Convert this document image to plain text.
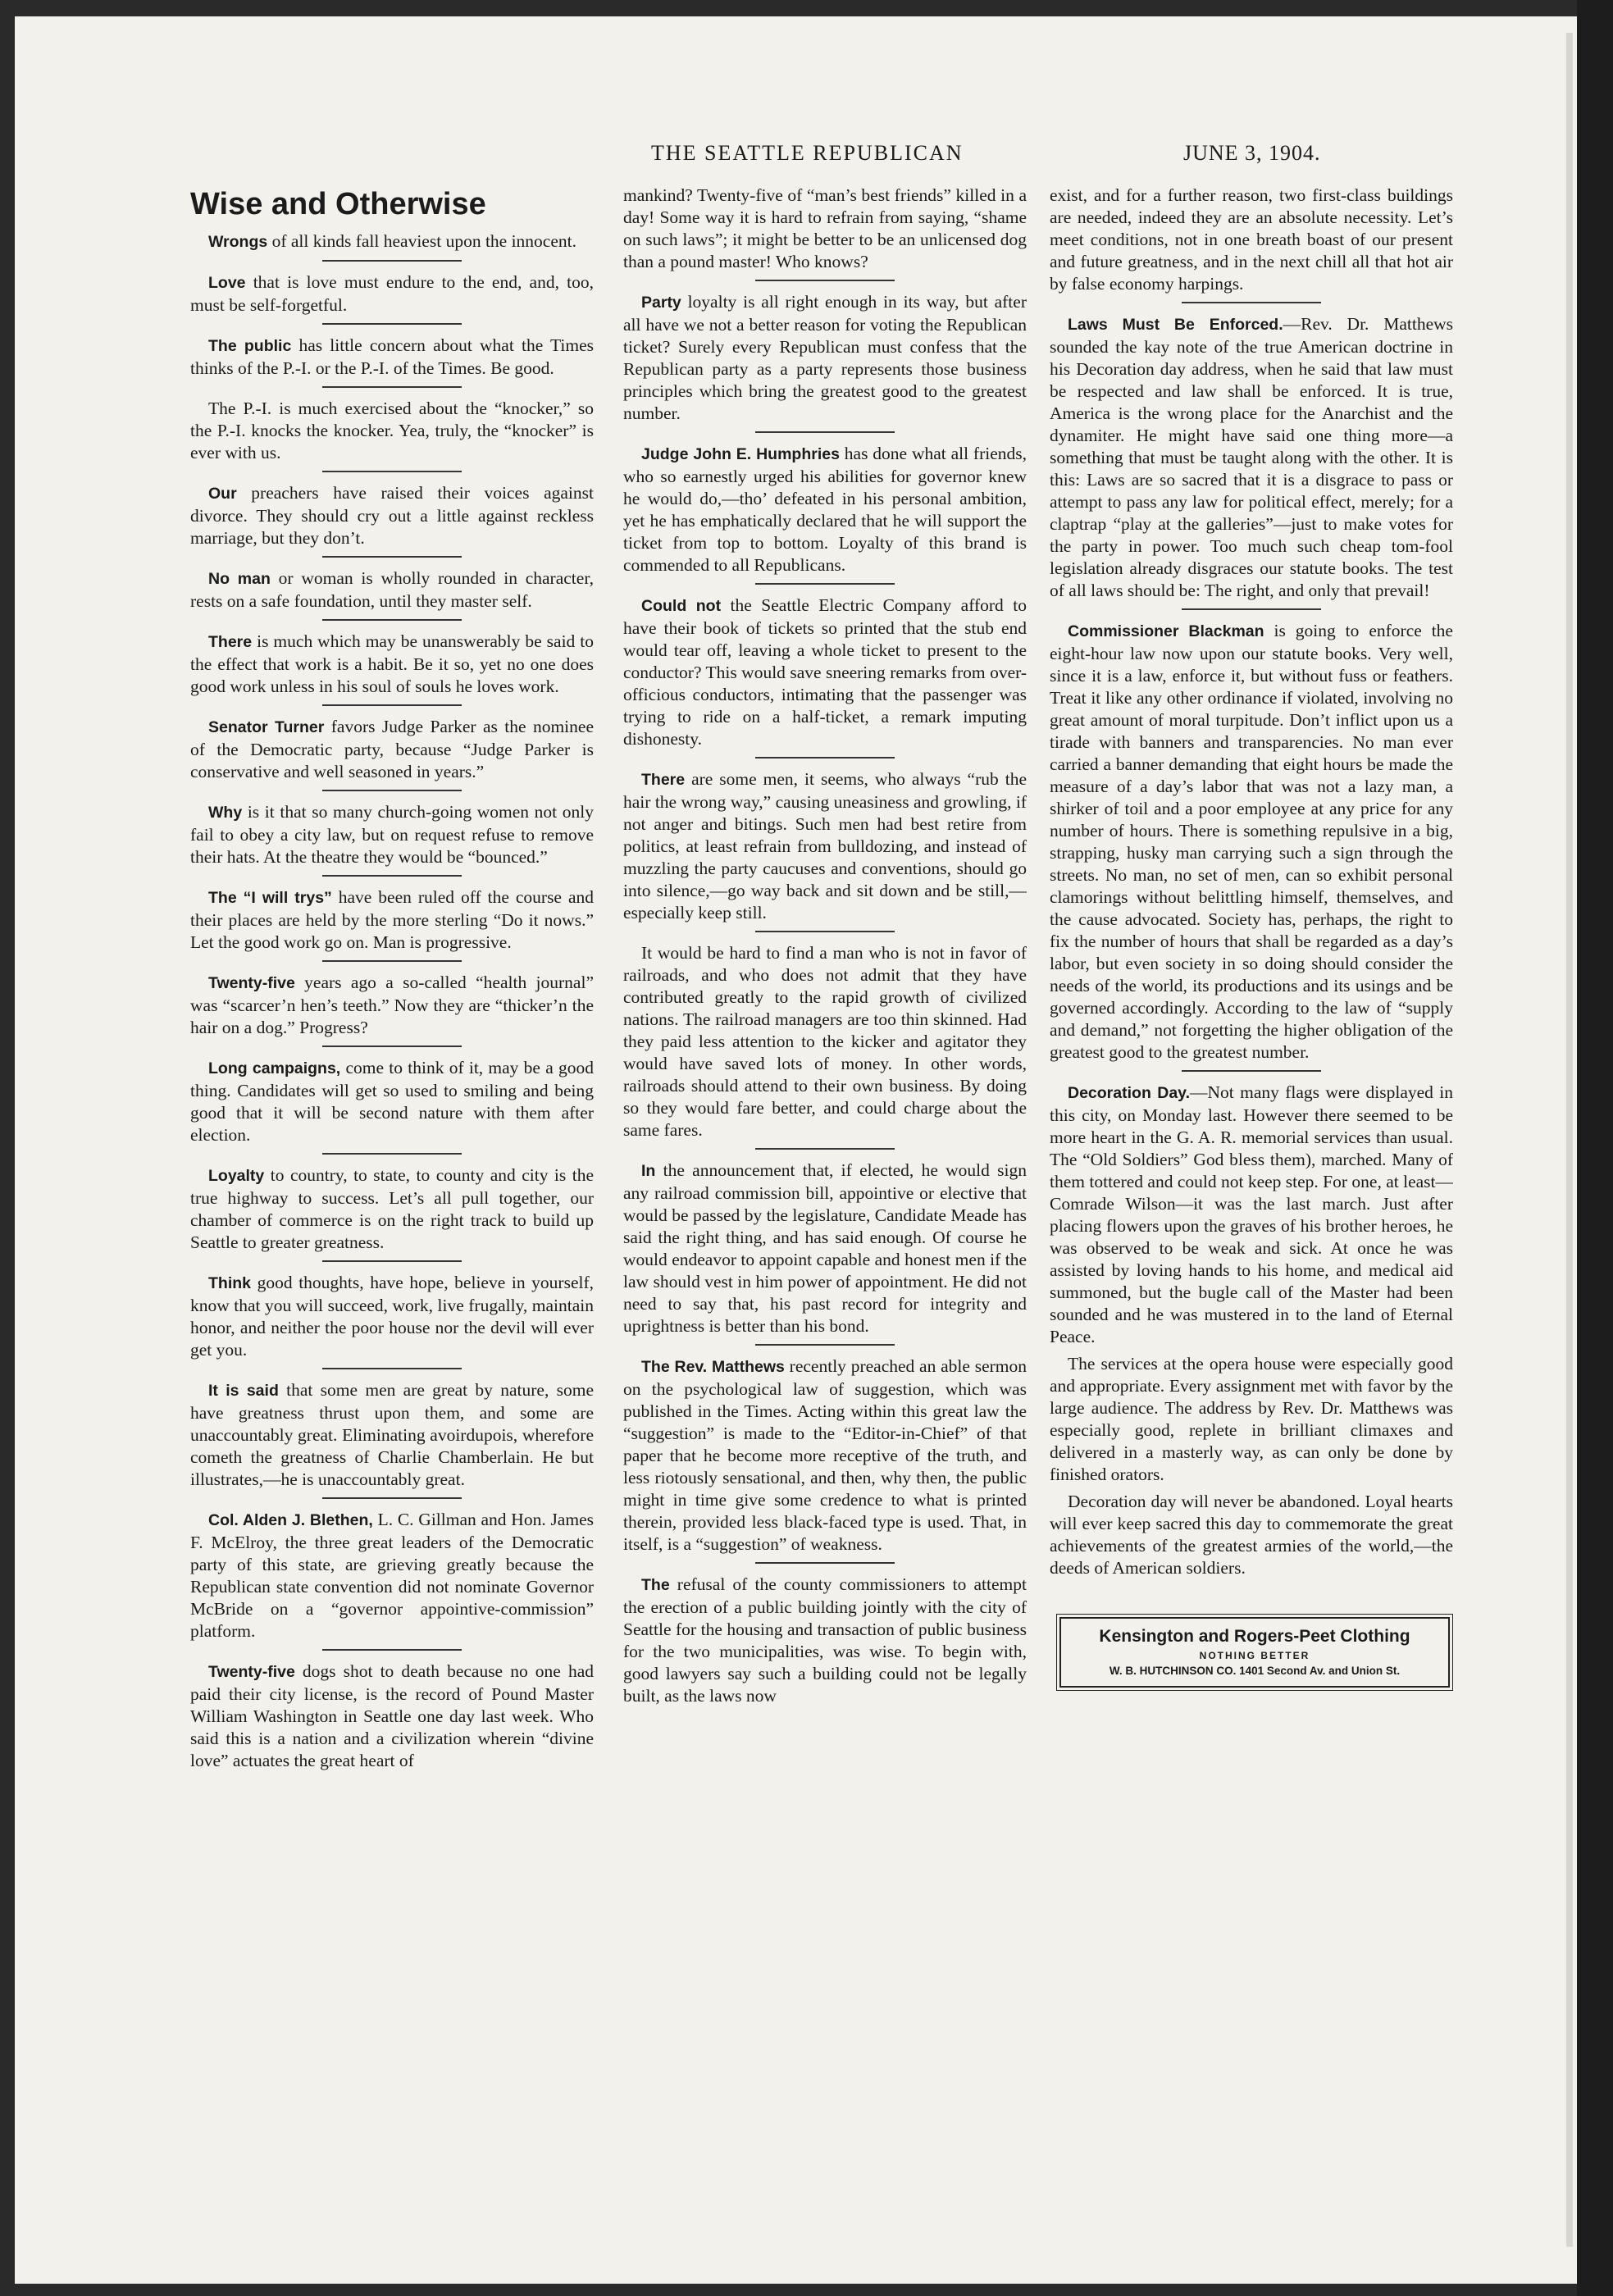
THE SEATTLE REPUBLICAN	JUNE 3, 1904.
Wise and Otherwise

Wrongs of all kinds fall heaviest upon the innocent.

Love that is love must endure to the end, and, too, must be self-forgetful.

The public has little concern about what the Times thinks of the P.-I. or the P.-I. of the Times. Be good.

The P.-I. is much exercised about the “knocker,” so the P.-I. knocks the knocker. Yea, truly, the “knocker” is ever with us.

Our preachers have raised their voices against divorce. They should cry out a little against reckless marriage, but they don’t.

No man or woman is wholly rounded in character, rests on a safe foundation, until they master self.

There is much which may be unanswerably be said to the effect that work is a habit. Be it so, yet no one does good work unless in his soul of souls he loves work.

Senator Turner favors Judge Parker as the nominee of the Democratic party, because “Judge Parker is conservative and well seasoned in years.”

Why is it that so many church-going women not only fail to obey a city law, but on request refuse to remove their hats. At the theatre they would be “bounced.”

The “I will trys” have been ruled off the course and their places are held by the more sterling “Do it nows.” Let the good work go on. Man is progressive.

Twenty-five years ago a so-called “health journal” was “scarcer’n hen’s teeth.” Now they are “thicker’n the hair on a dog.” Progress?

Long campaigns, come to think of it, may be a good thing. Candidates will get so used to smiling and being good that it will be second nature with them after election.

Loyalty to country, to state, to county and city is the true highway to success. Let’s all pull together, our chamber of commerce is on the right track to build up Seattle to greater greatness.

Think good thoughts, have hope, believe in yourself, know that you will succeed, work, live frugally, maintain honor, and neither the poor house nor the devil will ever get you.

It is said that some men are great by nature, some have greatness thrust upon them, and some are unaccountably great. Eliminating avoirdupois, wherefore cometh the greatness of Charlie Chamberlain. He but illustrates,—he is unaccountably great.

Col. Alden J. Blethen, L. C. Gillman and Hon. James F. McElroy, the three great leaders of the Democratic party of this state, are grieving greatly because the Republican state convention did not nominate Governor McBride on a “governor appointive-commission” platform.

Twenty-five dogs shot to death because no one had paid their city license, is the record of Pound Master William Washington in Seattle one day last week. Who said this is a nation and a civilization wherein “divine love” actuates the great heart of

mankind? Twenty-five of “man’s best friends” killed in a day! Some way it is hard to refrain from saying, “shame on such laws”; it might be better to be an unlicensed dog than a pound master! Who knows?

Party loyalty is all right enough in its way, but after all have we not a better reason for voting the Republican ticket? Surely every Republican must confess that the Republican party as a party represents those business principles which bring the greatest good to the greatest number.

Judge John E. Humphries has done what all friends, who so earnestly urged his abilities for governor knew he would do,—tho’ defeated in his personal ambition, yet he has emphatically declared that he will support the ticket from top to bottom. Loyalty of this brand is commended to all Republicans.

Could not the Seattle Electric Company afford to have their book of tickets so printed that the stub end would tear off, leaving a whole ticket to present to the conductor? This would save sneering remarks from over-officious conductors, intimating that the passenger was trying to ride on a half-ticket, a remark imputing dishonesty.

There are some men, it seems, who always “rub the hair the wrong way,” causing uneasiness and growling, if not anger and bitings. Such men had best retire from politics, at least refrain from bulldozing, and instead of muzzling the party caucuses and conventions, should go into silence,—go way back and sit down and be still,—especially keep still.

It would be hard to find a man who is not in favor of railroads, and who does not admit that they have contributed greatly to the rapid growth of civilized nations. The railroad managers are too thin skinned. Had they paid less attention to the kicker and agitator they would have saved lots of money. In other words, railroads should attend to their own business. By doing so they would fare better, and could charge about the same fares.

In the announcement that, if elected, he would sign any railroad commission bill, appointive or elective that would be passed by the legislature, Candidate Meade has said the right thing, and has said enough. Of course he would endeavor to appoint capable and honest men if the law should vest in him power of appointment. He did not need to say that, his past record for integrity and uprightness is better than his bond.

The Rev. Matthews recently preached an able sermon on the psychological law of suggestion, which was published in the Times. Acting within this great law the “suggestion” is made to the “Editor-in-Chief” of that paper that he become more receptive of the truth, and less riotously sensational, and then, why then, the public might in time give some credence to what is printed therein, provided less black-faced type is used. That, in itself, is a “suggestion” of weakness.

The refusal of the county commissioners to attempt the erection of a public building jointly with the city of Seattle for the housing and transaction of public business for the two municipalities, was wise. To begin with, good lawyers say such a building could not be legally built, as the laws now

exist, and for a further reason, two first-class buildings are needed, indeed they are an absolute necessity. Let’s meet conditions, not in one breath boast of our present and future greatness, and in the next chill all that hot air by false economy harpings.

Laws Must Be Enforced.—Rev. Dr. Matthews sounded the kay note of the true American doctrine in his Decoration day address, when he said that law must be respected and law shall be enforced. It is true, America is the wrong place for the Anarchist and the dynamiter. He might have said one thing more—a something that must be taught along with the other. It is this: Laws are so sacred that it is a disgrace to pass or attempt to pass any law for political effect, merely; for a claptrap “play at the galleries”—just to make votes for the party in power. Too much such cheap tom-fool legislation already disgraces our statute books. The test of all laws should be: The right, and only that prevail!

Commissioner Blackman is going to enforce the eight-hour law now upon our statute books. Very well, since it is a law, enforce it, but without fuss or feathers. Treat it like any other ordinance if violated, involving no great amount of moral turpitude. Don’t inflict upon us a tirade with banners and transparencies. No man ever carried a banner demanding that eight hours be made the measure of a day’s labor that was not a lazy man, a shirker of toil and a poor employee at any price for any number of hours. There is something repulsive in a big, strapping, husky man carrying such a sign through the streets. No man, no set of men, can so exhibit personal clamorings without belittling himself, themselves, and the cause advocated. Society has, perhaps, the right to fix the number of hours that shall be regarded as a day’s labor, but even society in so doing should consider the needs of the world, its productions and its usings and be governed accordingly. According to the law of “supply and demand,” not forgetting the higher obligation of the greatest good to the greatest number.

Decoration Day.—Not many flags were displayed in this city, on Monday last. However there seemed to be more heart in the G. A. R. memorial services than usual. The “Old Soldiers” God bless them), marched. Many of them tottered and could not keep step. For one, at least—Comrade Wilson—it was the last march. Just after placing flowers upon the graves of his brother heroes, he was observed to be weak and sick. At once he was assisted by loving hands to his home, and medical aid summoned, but the bugle call of the Master had been sounded and he was mustered in to the land of Eternal Peace.

The services at the opera house were especially good and appropriate. Every assignment met with favor by the large audience. The address by Rev. Dr. Matthews was especially good, replete in brilliant climaxes and delivered in a masterly way, as can only be done by finished orators.

Decoration day will never be abandoned. Loyal hearts will ever keep sacred this day to commemorate the great achievements of the greatest armies of the world,—the deeds of American soldiers.

Kensington and Rogers-Peet Clothing
NOTHING BETTER
W. B. HUTCHINSON CO. 1401 Second Av. and Union St.
